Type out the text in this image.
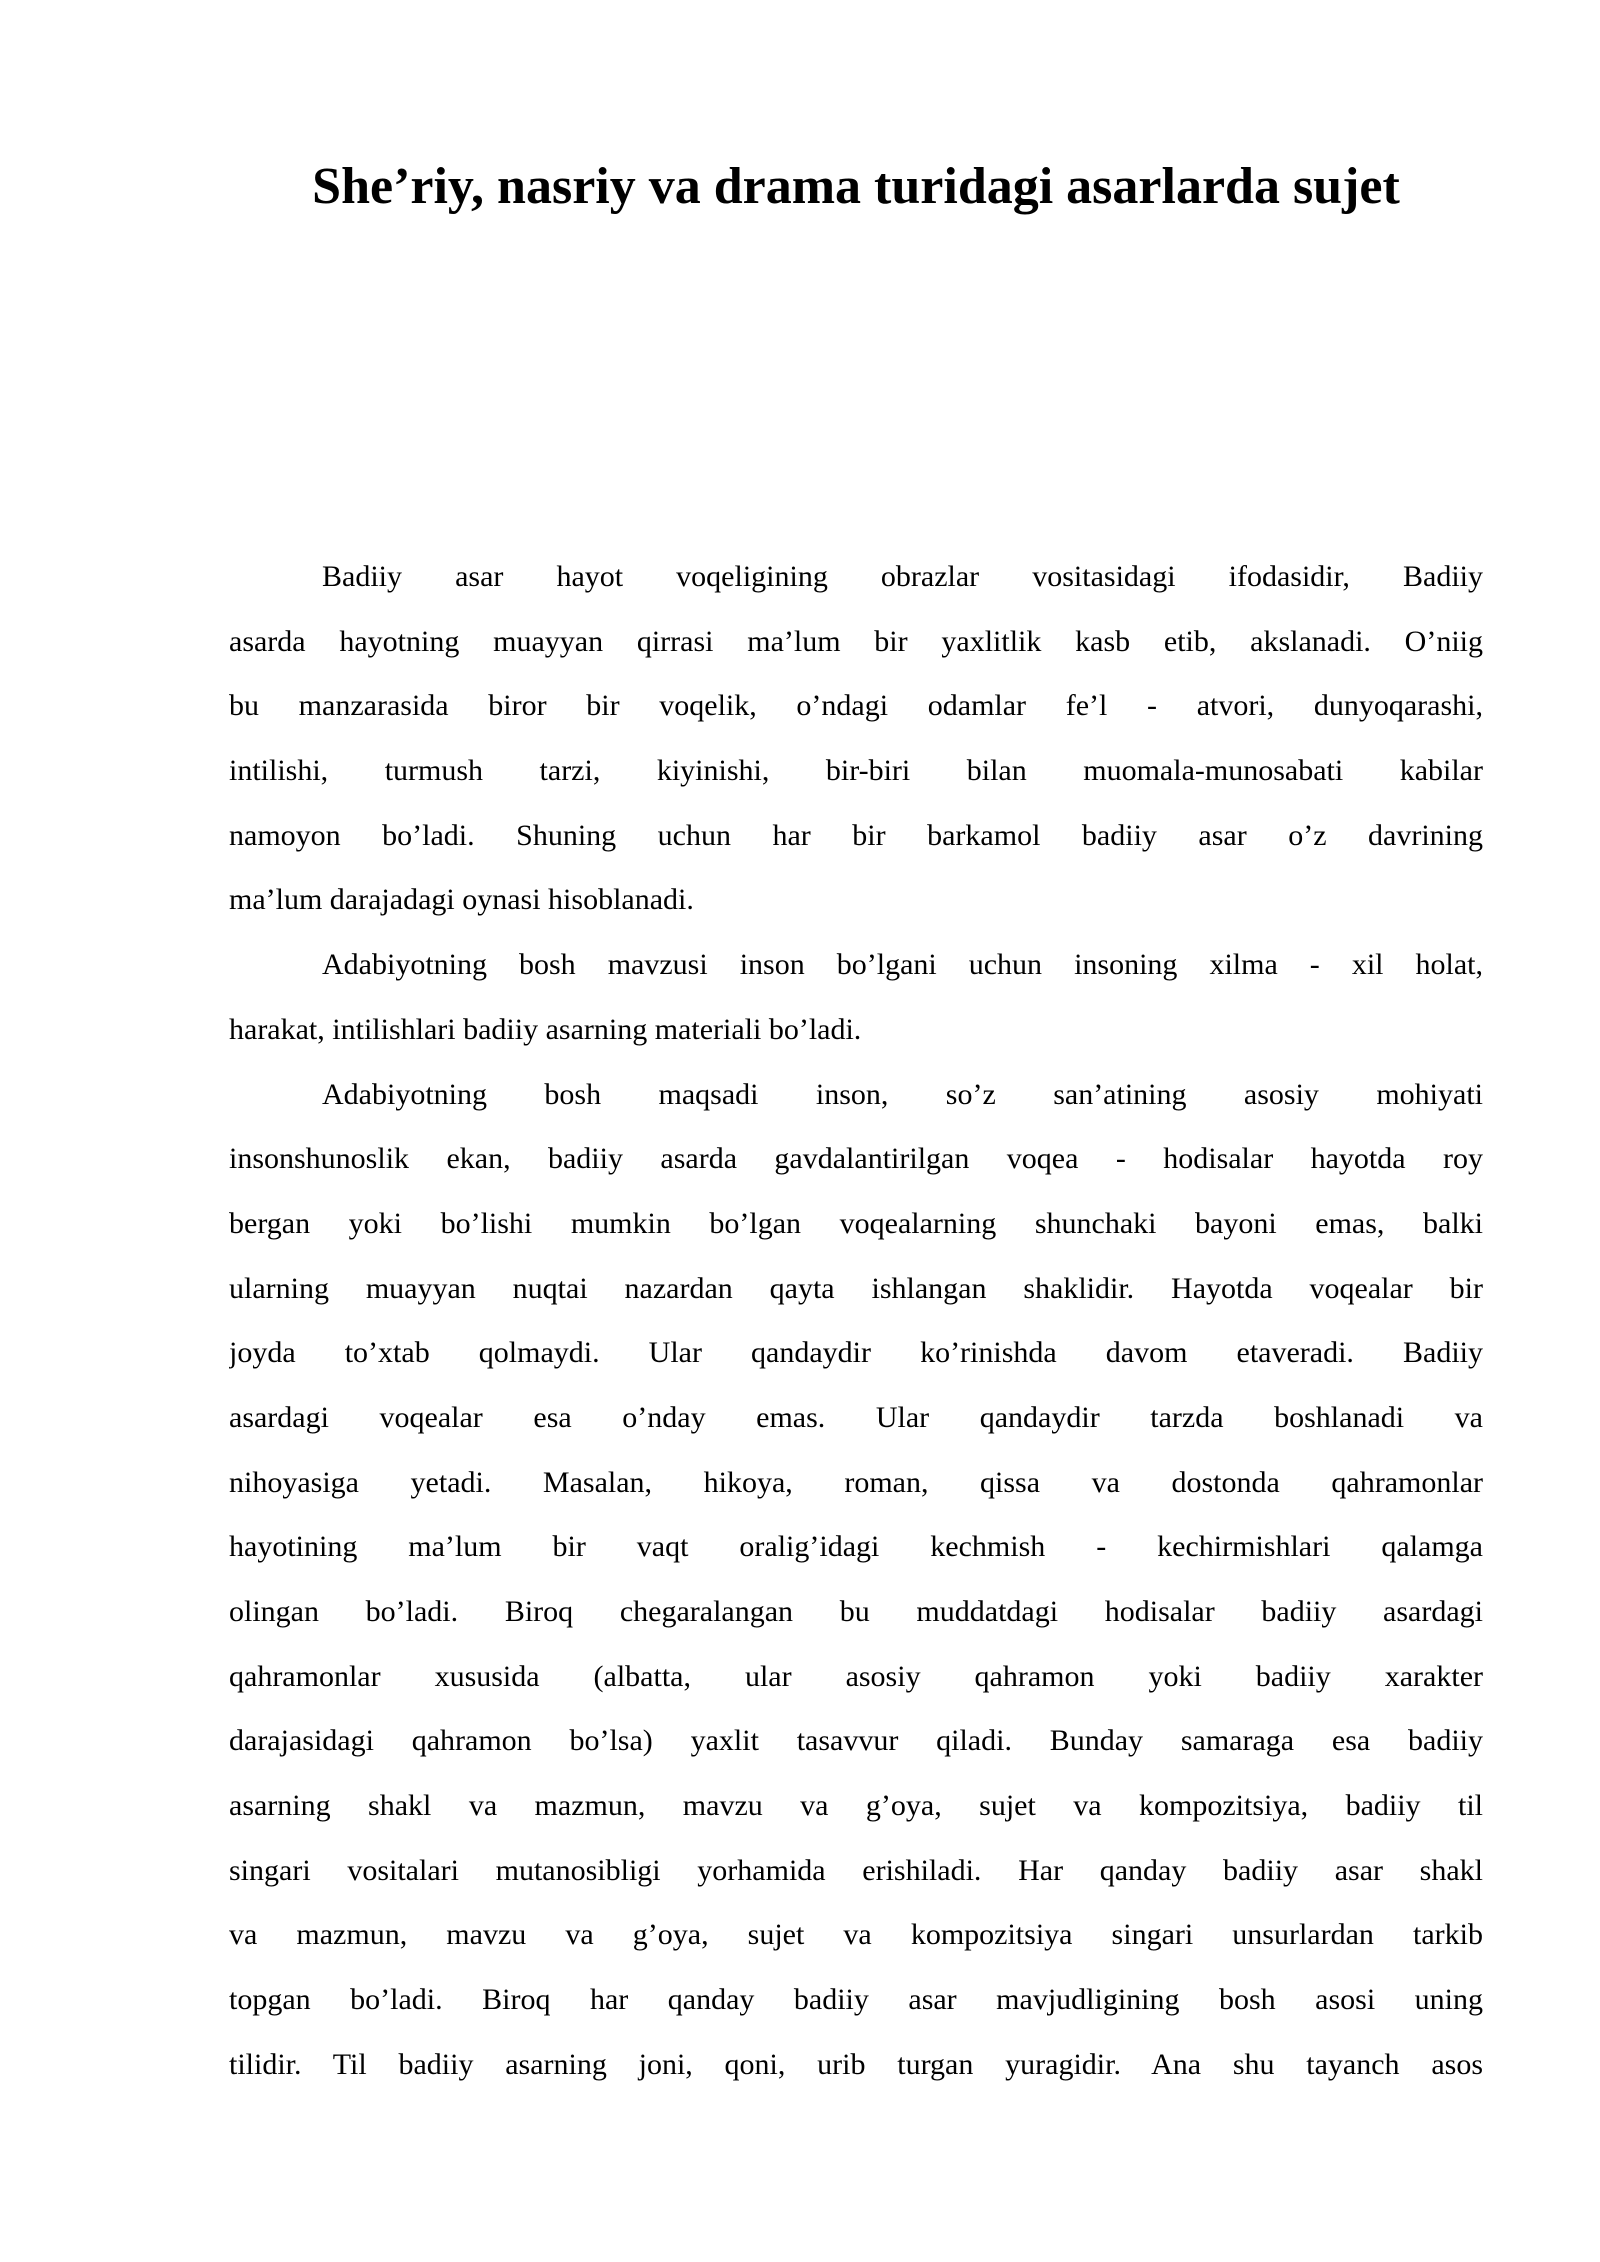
She’riy, nasriy va drama turidagi asarlarda sujet
Badiiy asar hayot voqeligining obrazlar vositasidagi ifodasidir, Badiiy
asarda hayotning muayyan qirrasi ma’lum bir yaxlitlik kasb etib, akslanadi. O’niig
bu manzarasida biror bir voqelik, o’ndagi odamlar fe’l - atvori, dunyoqarashi,
intilishi, turmush tarzi, kiyinishi, bir-biri bilan muomala-munosabati kabilar
namoyon bo’ladi. Shuning uchun har bir barkamol badiiy asar o’z davrining
ma’lum darajadagi oynasi hisoblanadi.
Adabiyotning bosh mavzusi inson bo’lgani uchun insoning xilma - xil holat,
harakat, intilishlari badiiy asarning materiali bo’ladi.
Adabiyotning bosh maqsadi inson, so’z san’atining asosiy mohiyati
insonshunoslik ekan, badiiy asarda gavdalantirilgan voqea - hodisalar hayotda roy
bergan yoki bo’lishi mumkin bo’lgan voqealarning shunchaki bayoni emas, balki
ularning muayyan nuqtai nazardan qayta ishlangan shaklidir. Hayotda voqealar bir
joyda to’xtab qolmaydi. Ular qandaydir ko’rinishda davom etaveradi. Badiiy
asardagi voqealar esa o’nday emas. Ular qandaydir tarzda boshlanadi va
nihoyasiga yetadi. Masalan, hikoya, roman, qissa va dostonda qahramonlar
hayotining ma’lum bir vaqt oralig’idagi kechmish - kechirmishlari qalamga
olingan bo’ladi. Biroq chegaralangan bu muddatdagi hodisalar badiiy asardagi
qahramonlar xususida (albatta, ular asosiy qahramon yoki badiiy xarakter
darajasidagi qahramon bo’lsa) yaxlit tasavvur qiladi. Bunday samaraga esa badiiy
asarning shakl va mazmun, mavzu va g’oya, sujet va kompozitsiya, badiiy til
singari vositalari mutanosibligi yorhamida erishiladi. Har qanday badiiy asar shakl
va mazmun, mavzu va g’oya, sujet va kompozitsiya singari unsurlardan tarkib
topgan bo’ladi. Biroq har qanday badiiy asar mavjudligining bosh asosi uning
tilidir. Til badiiy asarning joni, qoni, urib turgan yuragidir. Ana shu tayanch asos
